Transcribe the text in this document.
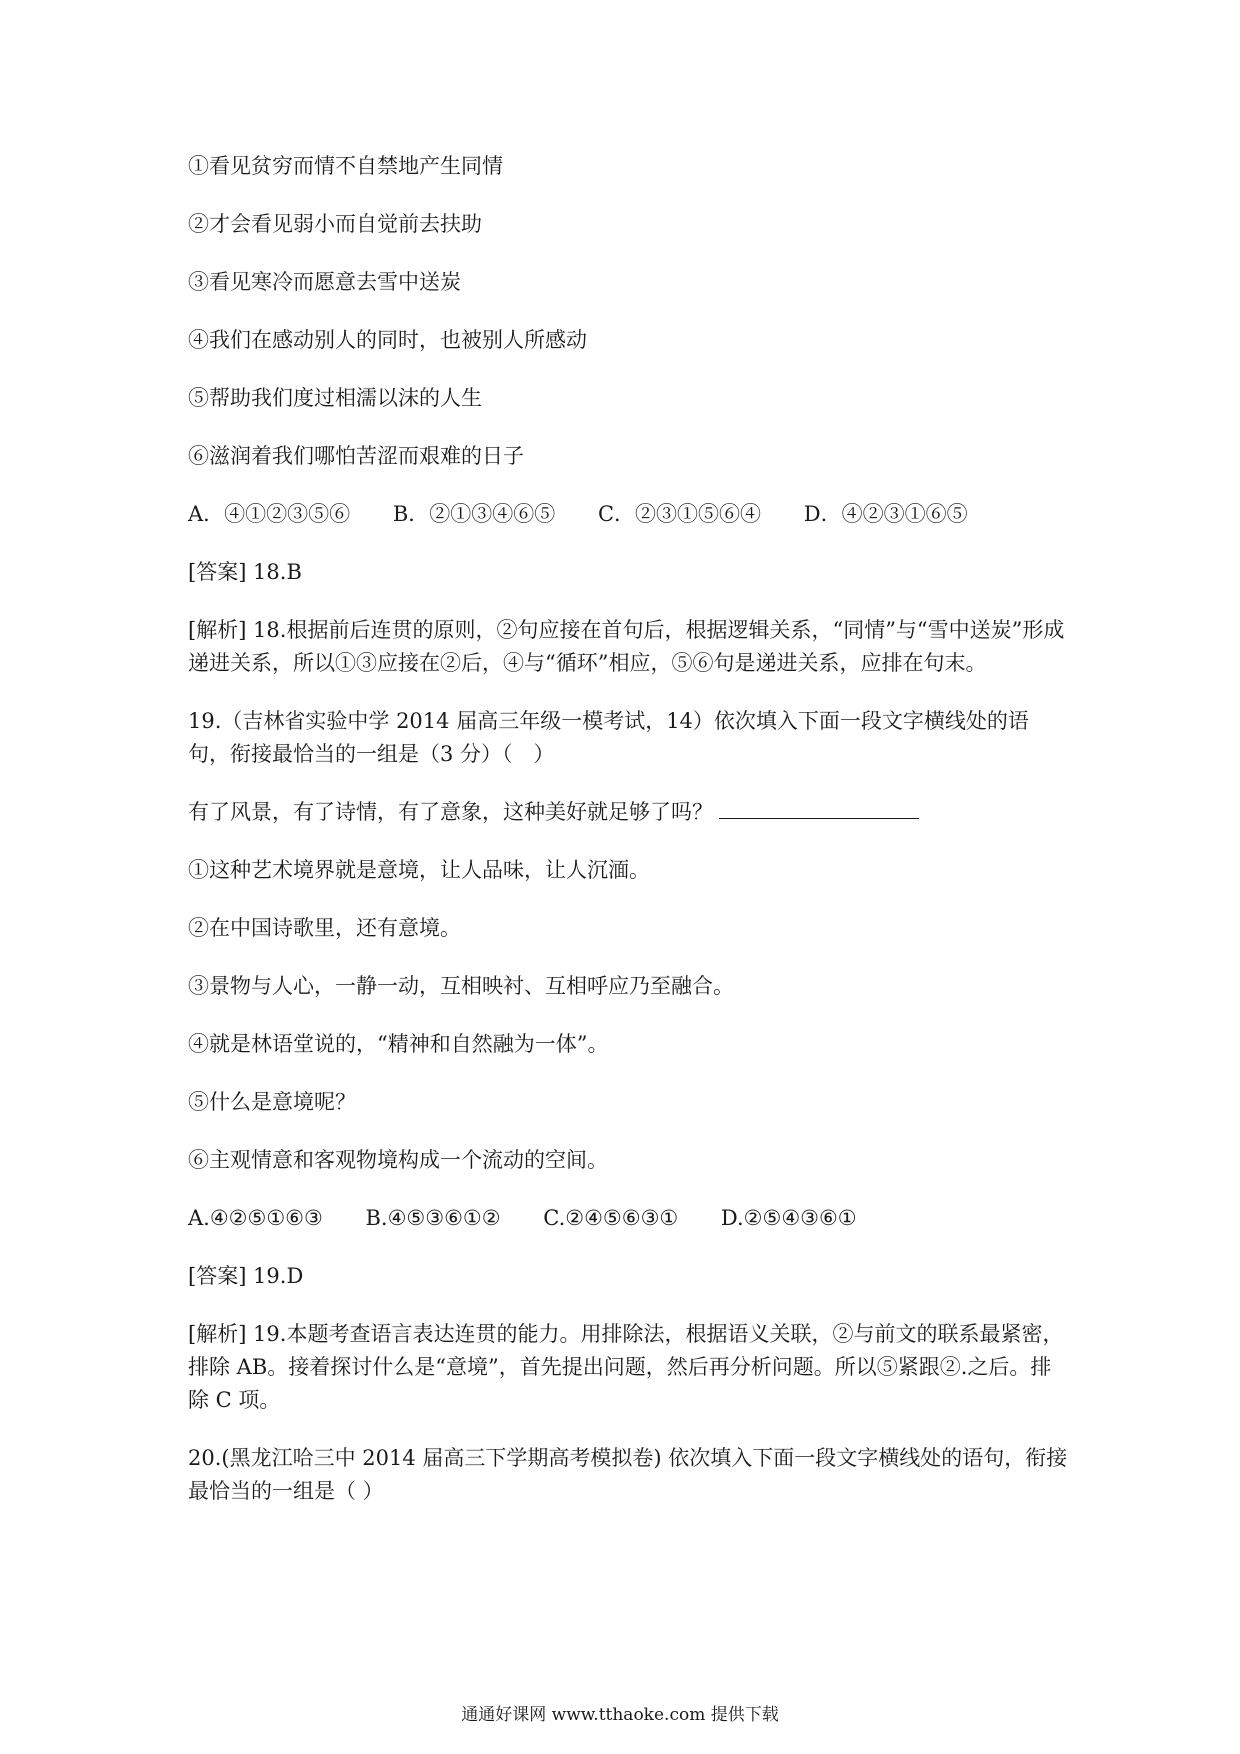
①看见贫穷而情不自禁地产生同情

②才会看见弱小而自觉前去扶助

③看见寒冷而愿意去雪中送炭

④我们在感动别人的同时，也被别人所感动

⑤帮助我们度过相濡以沫的人生

⑥滋润着我们哪怕苦涩而艰难的日子

A．④①②③⑤⑥ B．②①③④⑥⑤ C．②③①⑤⑥④ D．④②③①⑥⑤

[答案] 18.B

[解析] 18.根据前后连贯的原则，②句应接在首句后，根据逻辑关系，“同情”与“雪中送炭”形成递进关系，所以①③应接在②后，④与“循环”相应，⑤⑥句是递进关系，应排在句末。

19.（吉林省实验中学 2014 届高三年级一模考试，14）依次填入下面一段文字横线处的语句，衔接最恰当的一组是（3 分）（　）

有了风景，有了诗情，有了意象，这种美好就足够了吗？

①这种艺术境界就是意境，让人品味，让人沉湎。

②在中国诗歌里，还有意境。

③景物与人心，一静一动，互相映衬、互相呼应乃至融合。

④就是林语堂说的，“精神和自然融为一体”。

⑤什么是意境呢？

⑥主观情意和客观物境构成一个流动的空间。

A.④②⑤①⑥③ B.④⑤③⑥①② C.②④⑤⑥③① D.②⑤④③⑥①

[答案] 19.D

[解析] 19.本题考查语言表达连贯的能力。用排除法，根据语义关联，②与前文的联系最紧密，排除 AB。接着探讨什么是“意境”，首先提出问题，然后再分析问题。所以⑤紧跟②.之后。排除 C 项。

20.(黑龙江哈三中 2014 届高三下学期高考模拟卷) 依次填入下面一段文字横线处的语句，衔接最恰当的一组是（ ）

通通好课网 www.tthaoke.com 提供下载
